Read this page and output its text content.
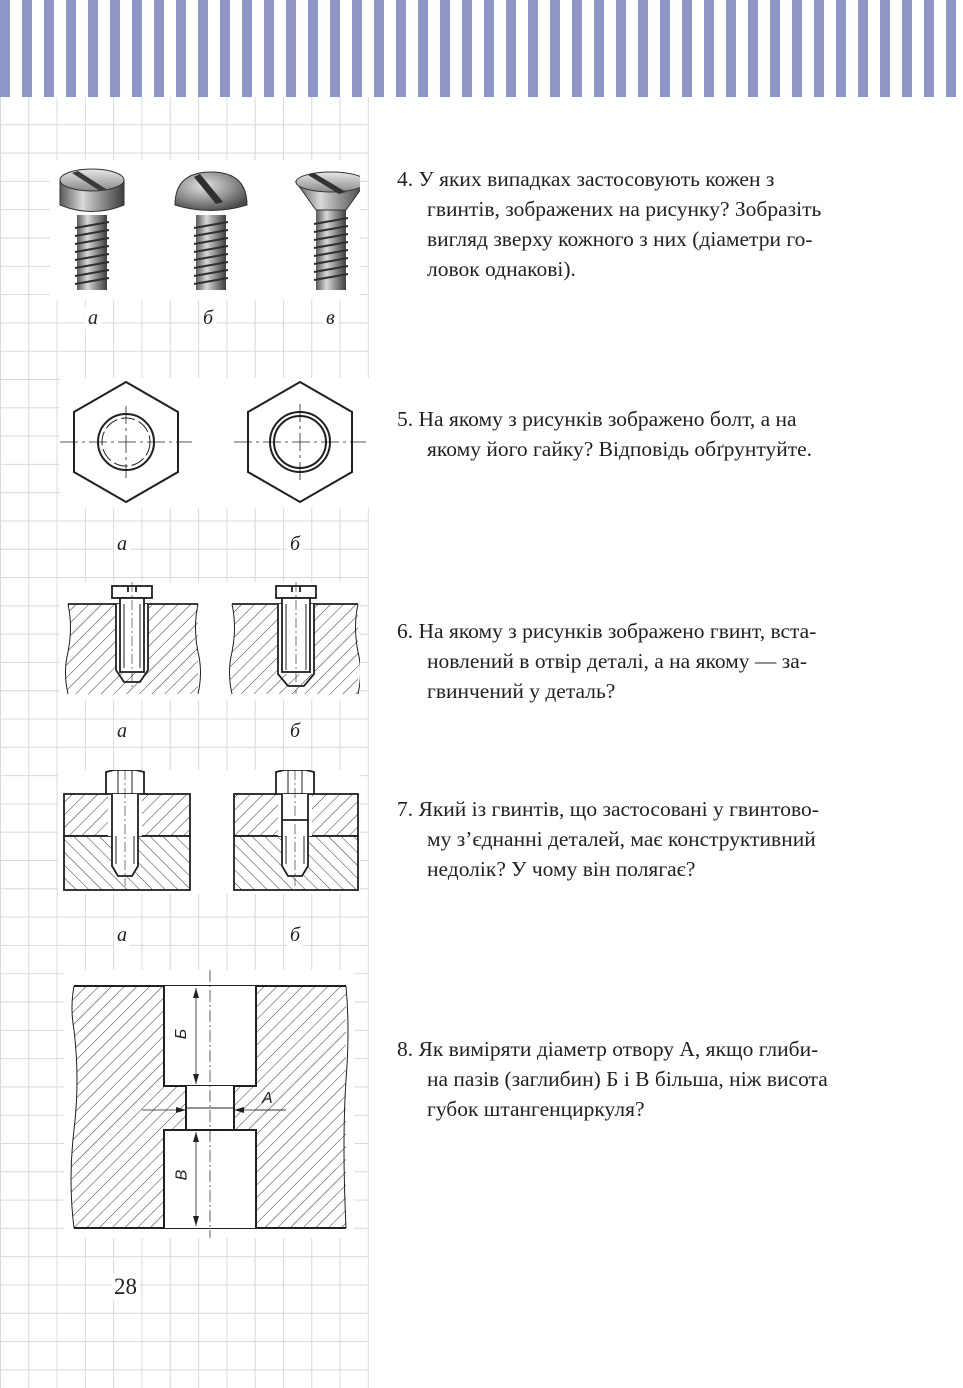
а	б	в
а	б
а	б
а	б
Б
А
В
4. У яких випадках застосовують кожен з
гвинтів, зображених на рисунку? Зобразіть
вигляд зверху кожного з них (діаметри го-
ловок однакові).
5. На якому з рисунків зображено болт, а на
якому його гайку? Відповідь обґрунтуйте.
6. На якому з рисунків зображено гвинт, вста-
новлений в отвір деталі, а на якому — за-
гвинчений у деталь?
7. Який із гвинтів, що застосовані у гвинтово-
му з’єднанні деталей, має конструктивний
недолік? У чому він полягає?
8. Як виміряти діаметр отвору А, якщо глиби-
на пазів (заглибин) Б і В більша, ніж висота
губок штангенциркуля?
28
